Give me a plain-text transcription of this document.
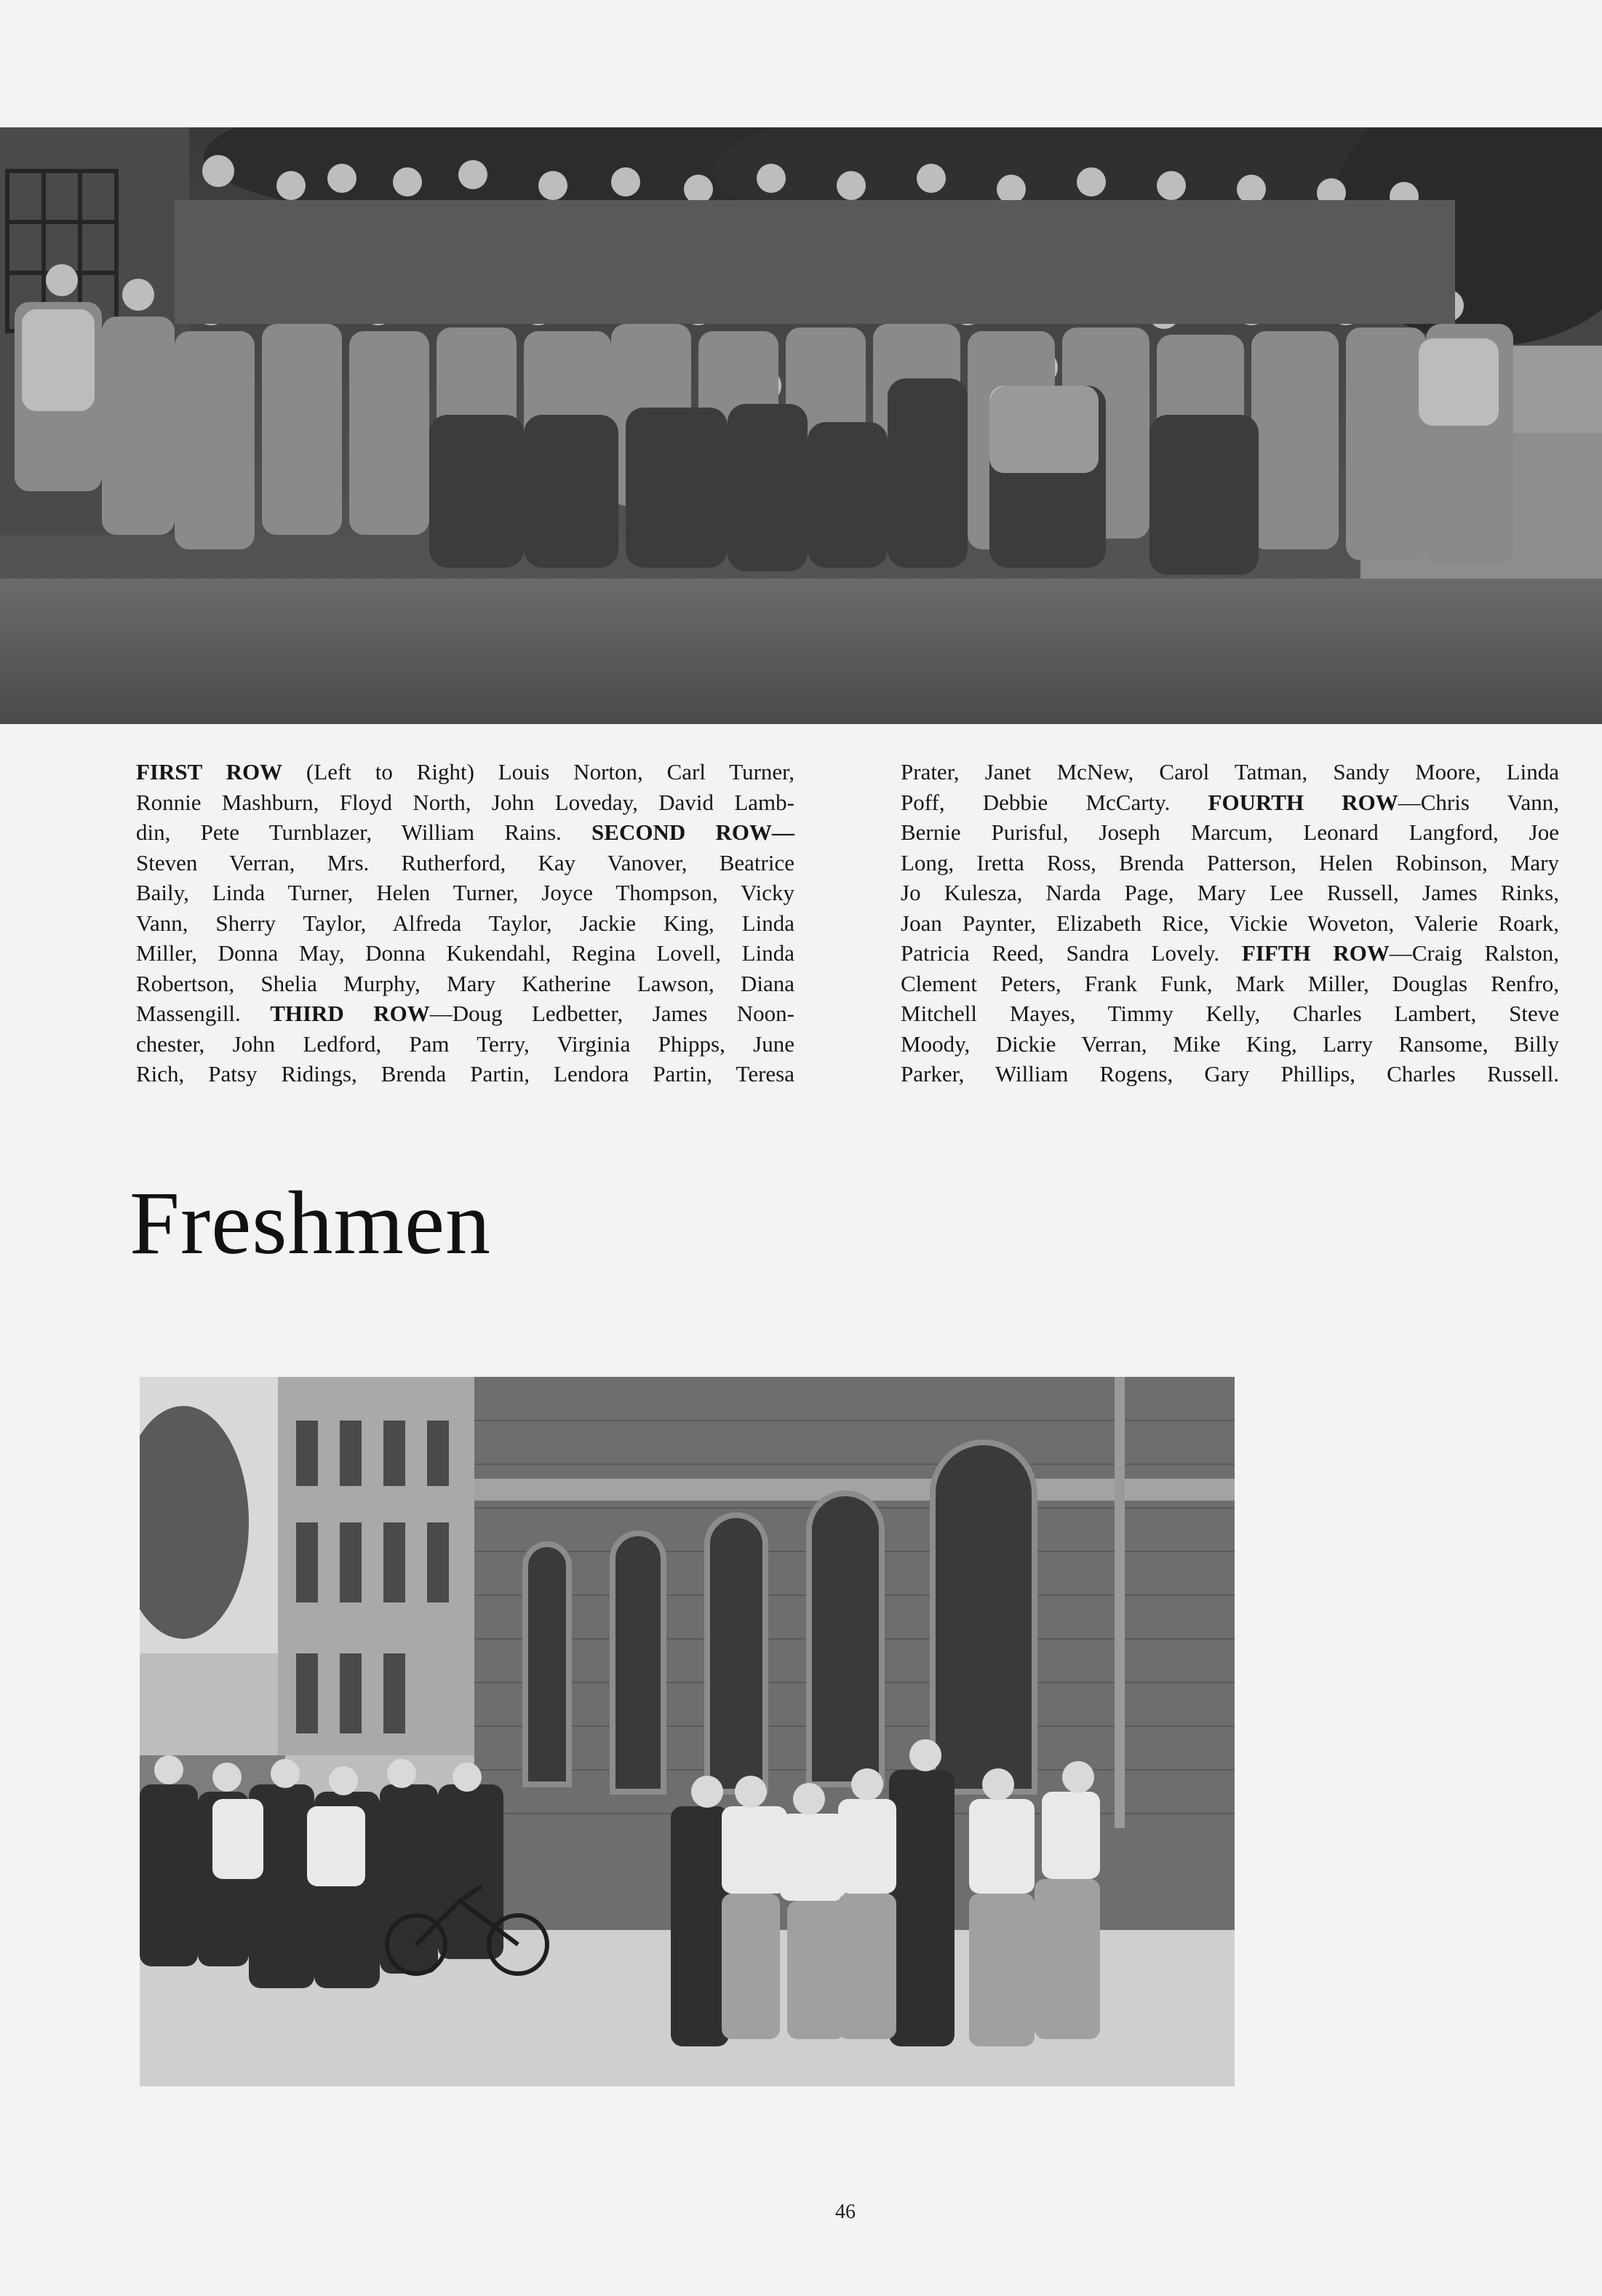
FIRST ROW (Left to Right) Louis Norton, Carl Turner,
Ronnie Mashburn, Floyd North, John Loveday, David Lamb-
din, Pete Turnblazer, William Rains. SECOND ROW—
Steven Verran, Mrs. Rutherford, Kay Vanover, Beatrice
Baily, Linda Turner, Helen Turner, Joyce Thompson, Vicky
Vann, Sherry Taylor, Alfreda Taylor, Jackie King, Linda
Miller, Donna May, Donna Kukendahl, Regina Lovell, Linda
Robertson, Shelia Murphy, Mary Katherine Lawson, Diana
Massengill. THIRD ROW—Doug Ledbetter, James Noon-
chester, John Ledford, Pam Terry, Virginia Phipps, June
Rich, Patsy Ridings, Brenda Partin, Lendora Partin, Teresa
Prater, Janet McNew, Carol Tatman, Sandy Moore, Linda
Poff, Debbie McCarty. FOURTH ROW—Chris Vann,
Bernie Purisful, Joseph Marcum, Leonard Langford, Joe
Long, Iretta Ross, Brenda Patterson, Helen Robinson, Mary
Jo Kulesza, Narda Page, Mary Lee Russell, James Rinks,
Joan Paynter, Elizabeth Rice, Vickie Woveton, Valerie Roark,
Patricia Reed, Sandra Lovely. FIFTH ROW—Craig Ralston,
Clement Peters, Frank Funk, Mark Miller, Douglas Renfro,
Mitchell Mayes, Timmy Kelly, Charles Lambert, Steve
Moody, Dickie Verran, Mike King, Larry Ransome, Billy
Parker, William Rogens, Gary Phillips, Charles Russell.
Freshmen
46
